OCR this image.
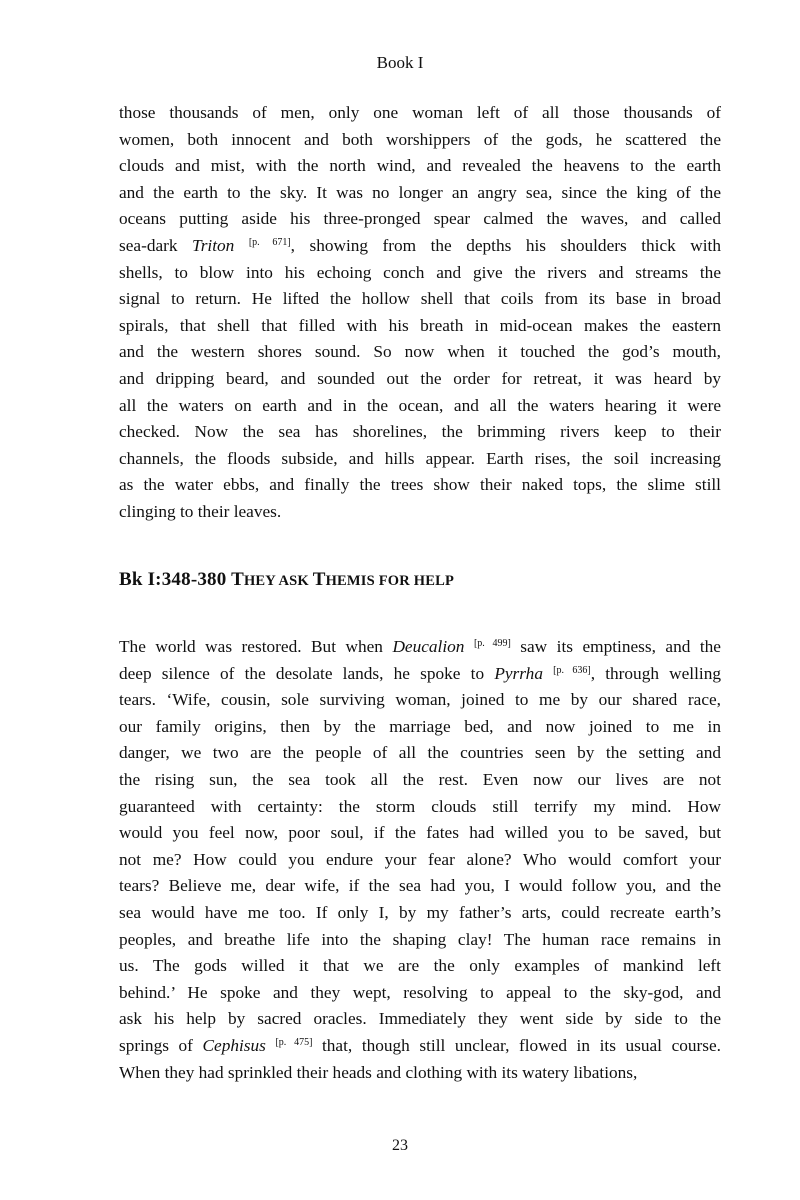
Book I
those thousands of men, only one woman left of all those thousands of
women, both innocent and both worshippers of the gods, he scattered the
clouds and mist, with the north wind, and revealed the heavens to the earth
and the earth to the sky. It was no longer an angry sea, since the king of the
oceans putting aside his three-pronged spear calmed the waves, and called
sea-dark Triton [p. 671], showing from the depths his shoulders thick with
shells, to blow into his echoing conch and give the rivers and streams the
signal to return. He lifted the hollow shell that coils from its base in broad
spirals, that shell that filled with his breath in mid-ocean makes the eastern
and the western shores sound. So now when it touched the god’s mouth,
and dripping beard, and sounded out the order for retreat, it was heard by
all the waters on earth and in the ocean, and all the waters hearing it were
checked. Now the sea has shorelines, the brimming rivers keep to their
channels, the floods subside, and hills appear. Earth rises, the soil increasing
as the water ebbs, and finally the trees show their naked tops, the slime still
clinging to their leaves.
Bk I:348-380 THEY ASK THEMIS FOR HELP
The world was restored. But when Deucalion [p. 499] saw its emptiness, and the
deep silence of the desolate lands, he spoke to Pyrrha [p. 636], through welling
tears. ‘Wife, cousin, sole surviving woman, joined to me by our shared race,
our family origins, then by the marriage bed, and now joined to me in
danger, we two are the people of all the countries seen by the setting and
the rising sun, the sea took all the rest. Even now our lives are not
guaranteed with certainty: the storm clouds still terrify my mind. How
would you feel now, poor soul, if the fates had willed you to be saved, but
not me? How could you endure your fear alone? Who would comfort your
tears? Believe me, dear wife, if the sea had you, I would follow you, and the
sea would have me too. If only I, by my father’s arts, could recreate earth’s
peoples, and breathe life into the shaping clay! The human race remains in
us. The gods willed it that we are the only examples of mankind left
behind.’ He spoke and they wept, resolving to appeal to the sky-god, and
ask his help by sacred oracles. Immediately they went side by side to the
springs of Cephisus [p. 475] that, though still unclear, flowed in its usual course.
When they had sprinkled their heads and clothing with its watery libations,
23
